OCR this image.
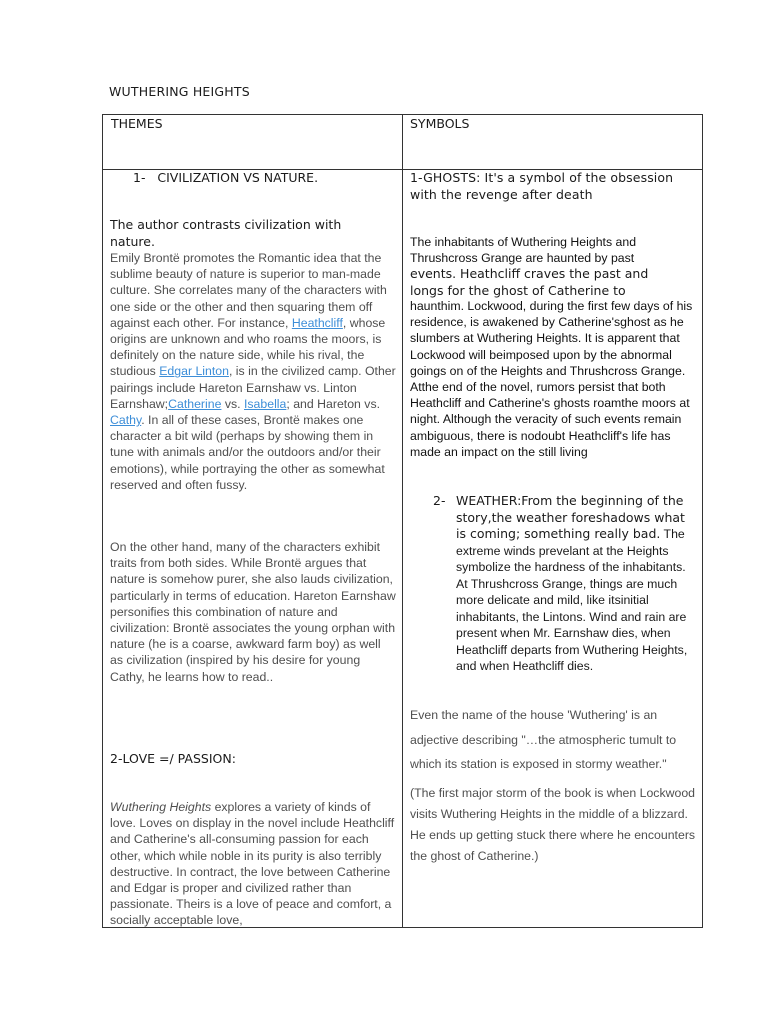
WUTHERING HEIGHTS
THEMES	SYMBOLS
1- CIVILIZATION VS NATURE.
The author contrasts civilization with nature.
Emily Brontë promotes the Romantic idea that the sublime beauty of nature is superior to man-made culture. She correlates many of the characters with one side or the other and then squaring them off against each other. For instance, Heathcliff, whose origins are unknown and who roams the moors, is definitely on the nature side, while his rival, the studious Edgar Linton, is in the civilized camp. Other pairings include Hareton Earnshaw vs. Linton Earnshaw;Catherine vs. Isabella; and Hareton vs. Cathy. In all of these cases, Brontë makes one character a bit wild (perhaps by showing them in tune with animals and/or the outdoors and/or their emotions), while portraying the other as somewhat reserved and often fussy.
On the other hand, many of the characters exhibit traits from both sides. While Brontë argues that nature is somehow purer, she also lauds civilization, particularly in terms of education. Hareton Earnshaw personifies this combination of nature and civilization: Brontë associates the young orphan with nature (he is a coarse, awkward farm boy) as well as civilization (inspired by his desire for young Cathy, he learns how to read..
2-LOVE =/ PASSION:
Wuthering Heights explores a variety of kinds of love. Loves on display in the novel include Heathcliff and Catherine's all-consuming passion for each other, which while noble in its purity is also terribly destructive. In contract, the love between Catherine and Edgar is proper and civilized rather than passionate. Theirs is a love of peace and comfort, a socially acceptable love,
1-GHOSTS: It's a symbol of the obsession with the revenge after death
The inhabitants of Wuthering Heights and Thrushcross Grange are haunted by past
events. Heathcliff craves the past and longs for the ghost of Catherine to
haunthim. Lockwood, during the first few days of his residence, is awakened by Catherine'sghost as he slumbers at Wuthering Heights. It is apparent that Lockwood will beimposed upon by the abnormal goings on of the Heights and Thrushcross Grange. Atthe end of the novel, rumors persist that both Heathcliff and Catherine's ghosts roamthe moors at night. Although the veracity of such events remain ambiguous, there is nodoubt Heathcliff's life has made an impact on the still living
2- WEATHER:From the beginning of the story,the weather foreshadows what is coming; something really bad. The extreme winds prevelant at the Heights symbolize the hardness of the inhabitants. At Thrushcross Grange, things are much more delicate and mild, like itsinitial inhabitants, the Lintons. Wind and rain are present when Mr. Earnshaw dies, when Heathcliff departs from Wuthering Heights, and when Heathcliff dies.
Even the name of the house 'Wuthering' is an adjective describing "…the atmospheric tumult to which its station is exposed in stormy weather."
(The first major storm of the book is when Lockwood visits Wuthering Heights in the middle of a blizzard. He ends up getting stuck there where he encounters the ghost of Catherine.)
